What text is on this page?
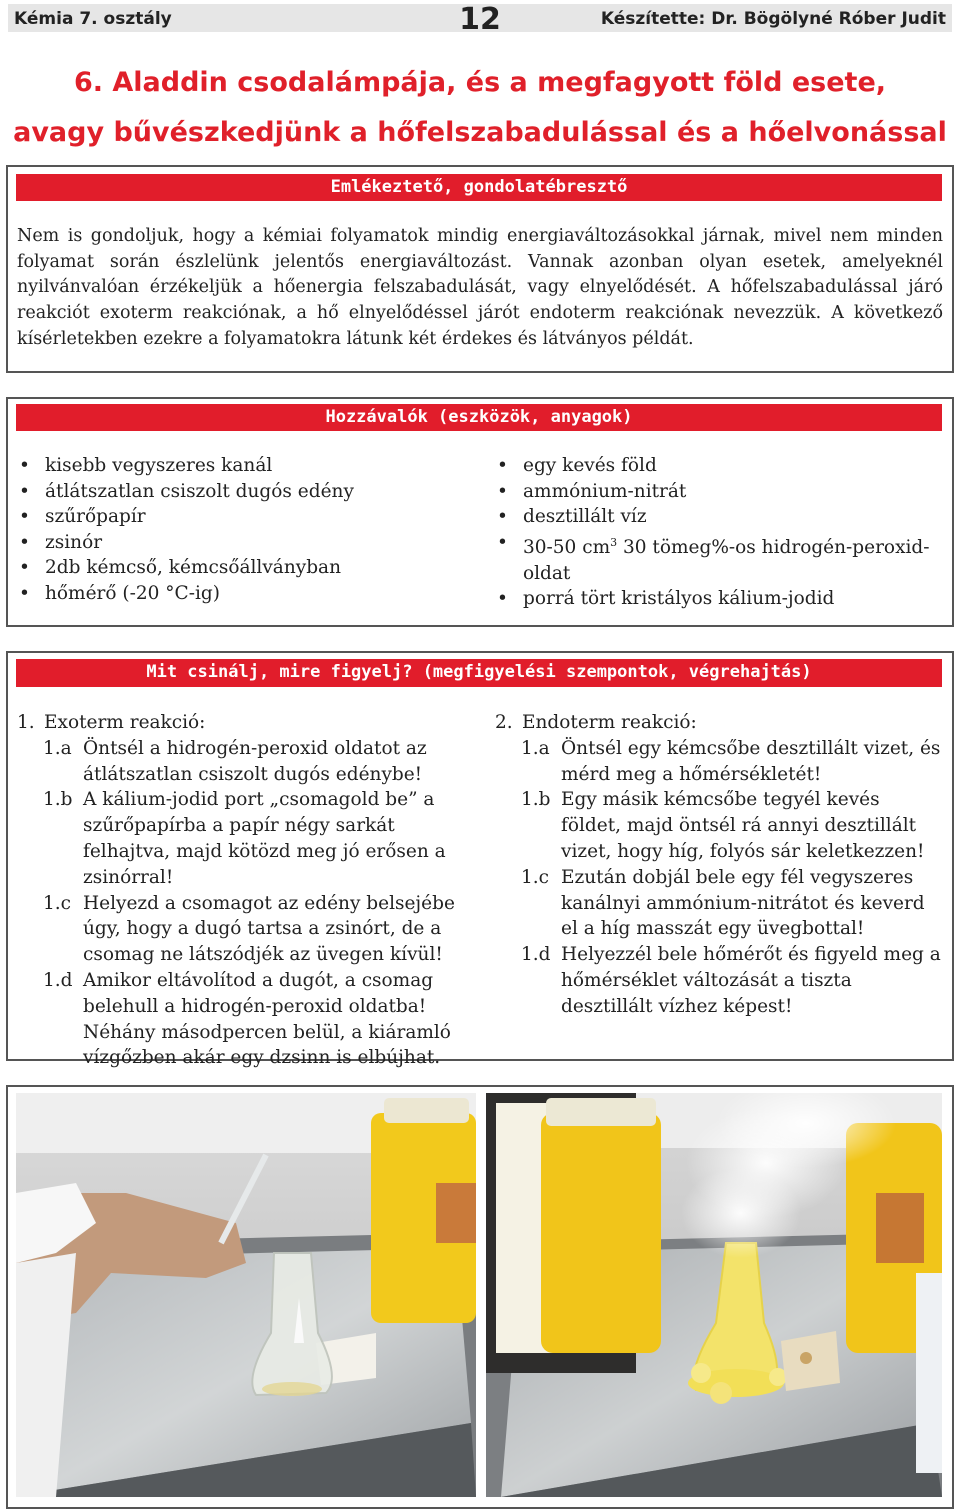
Kémia 7. osztály	12	Készítette: Dr. Bögölyné Róber Judit
6. Aladdin csodalámpája, és a megfagyott föld esete,
avagy bűvészkedjünk a hőfelszabadulással és a hőelvonással
Emlékeztető, gondolatébresztő
Nem is gondoljuk, hogy a kémiai folyamatok mindig energiaváltozásokkal járnak, mivel nem minden folyamat során észlelünk jelentős energiaváltozást. Vannak azonban olyan esetek, amelyeknél nyilvánvalóan érzékeljük a hőenergia felszabadulását, vagy elnyelődését. A hőfelszabadulással járó reakciót exoterm reakciónak, a hő elnyelődéssel járót endoterm reakciónak nevezzük. A következő kísérletekben ezekre a folyamatokra látunk két érdekes és látványos példát.
Hozzávalók (eszközök, anyagok)
• kisebb vegyszeres kanál
• átlátszatlan csiszolt dugós edény
• szűrőpapír
• zsinór
• 2db kémcső, kémcsőállványban
• hőmérő (-20 °C-ig)
• egy kevés föld
• ammónium-nitrát
• desztillált víz
• 30-50 $cm^3$ 30 tömeg%-os hidrogén-peroxid-oldat
• porrá tört kristályos kálium-jodid
Mit csinálj, mire figyelj? (megfigyelési szempontok, végrehajtás)
1. Exoterm reakció:
1.a Öntsél a hidrogén-peroxid oldatot az átlátszatlan csiszolt dugós edénybe!
1.b A kálium-jodid port „csomagold be” a szűrőpapírba a papír négy sarkát felhajtva, majd kötözd meg jó erősen a zsinórral!
1.c Helyezd a csomagot az edény belsejébe úgy, hogy a dugó tartsa a zsinórt, de a csomag ne látszódjék az üvegen kívül!
1.d Amikor eltávolítod a dugót, a csomag belehull a hidrogén-peroxid oldatba! Néhány másodpercen belül, a kiáramló vízgőzben akár egy dzsinn is elbújhat.
2. Endoterm reakció:
1.a Öntsél egy kémcsőbe desztillált vizet, és mérd meg a hőmérsékletét!
1.b Egy másik kémcsőbe tegyél kevés földet, majd öntsél rá annyi desztillált vizet, hogy híg, folyós sár keletkezzen!
1.c Ezután dobjál bele egy fél vegyszeres kanálnyi ammónium-nitrátot és keverd el a híg masszát egy üvegbottal!
1.d Helyezzél bele hőmérőt és figyeld meg a hőmérséklet változását a tiszta desztillált vízhez képest!
